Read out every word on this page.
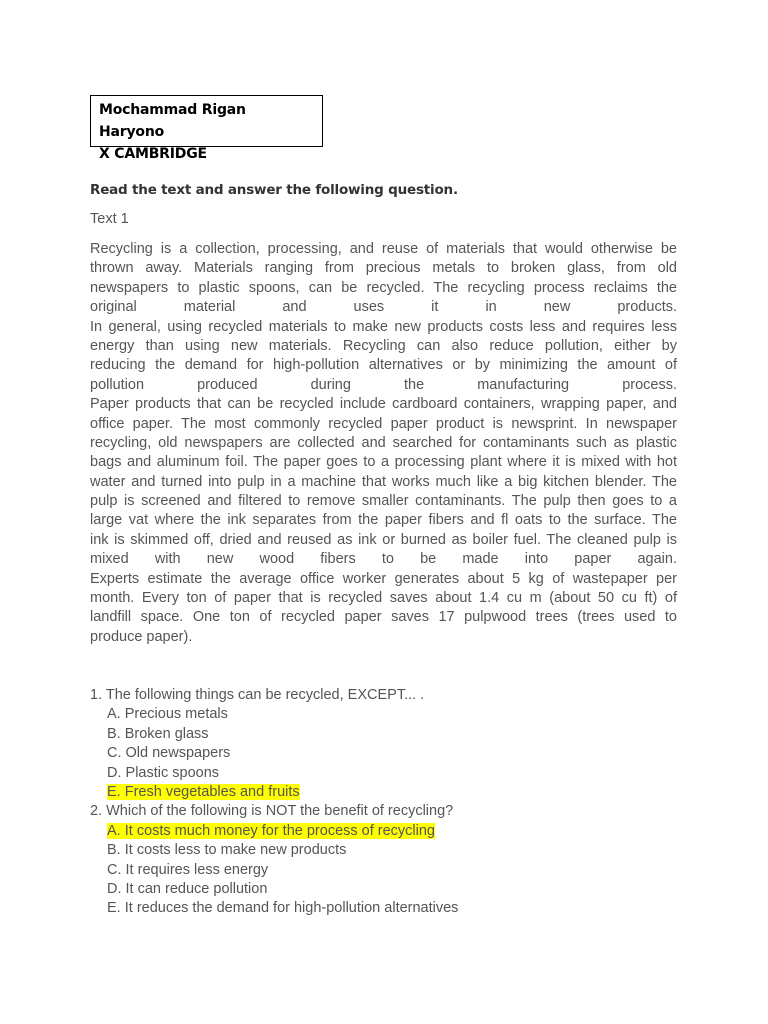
Mochammad Rigan Haryono
X CAMBRIDGE
Read the text and answer the following question.
Text 1
Recycling is a collection, processing, and reuse of materials that would otherwise be
thrown away. Materials ranging from precious metals to broken glass, from old
newspapers to plastic spoons, can be recycled. The recycling process reclaims the
original material and uses it in new products.
In general, using recycled materials to make new products costs less and requires less
energy than using new materials. Recycling can also reduce pollution, either by
reducing the demand for high-pollution alternatives or by minimizing the amount of
pollution produced during the manufacturing process.
Paper products that can be recycled include cardboard containers, wrapping paper, and
office paper. The most commonly recycled paper product is newsprint. In newspaper
recycling, old newspapers are collected and searched for contaminants such as plastic
bags and aluminum foil. The paper goes to a processing plant where it is mixed with hot
water and turned into pulp in a machine that works much like a big kitchen blender. The
pulp is screened and filtered to remove smaller contaminants. The pulp then goes to a
large vat where the ink separates from the paper fibers and fl oats to the surface. The
ink is skimmed off, dried and reused as ink or burned as boiler fuel. The cleaned pulp is
mixed with new wood fibers to be made into paper again.
Experts estimate the average office worker generates about 5 kg of wastepaper per
month. Every ton of paper that is recycled saves about 1.4 cu m (about 50 cu ft) of
landfill space. One ton of recycled paper saves 17 pulpwood trees (trees used to
produce paper).
1. The following things can be recycled, EXCEPT... .
A. Precious metals
B. Broken glass
C. Old newspapers
D. Plastic spoons
E. Fresh vegetables and fruits
2. Which of the following is NOT the benefit of recycling?
A. It costs much money for the process of recycling
B. It costs less to make new products
C. It requires less energy
D. It can reduce pollution
E. It reduces the demand for high-pollution alternatives
